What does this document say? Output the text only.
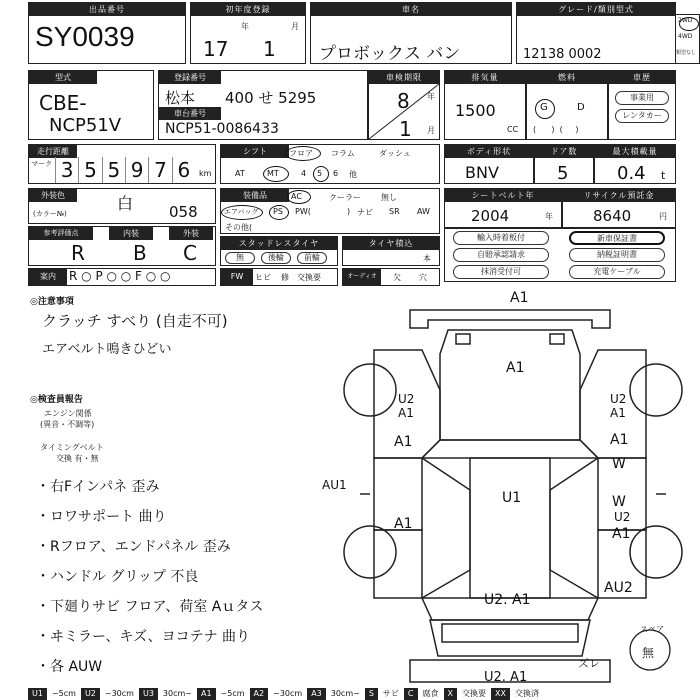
出品番号
SY0039
初年度登録
年	月
17 1
車名
プロボックス バン
グレード/類別型式
12138 0002
2WD
4WD
類型なし
型式
CBE-
NCP51V
登録番号
松本 400 せ 5295
車台番号
NCP51-0086433
車検期限
年
月
8
1
排気量
1500
CC
燃料
G	D
(      )  (     )
車歴
事業用
レンタカー
走行距離
マーク 3 5 5 9 7 6	km
シフト	フロア コラム	ダッシュ
AT	MT	4 5 6 他
ボディ形状
BNV
ドア数
5
最大積載量
0.4 t
外装色
(カラー№)
白 058
装備品	AC	クーラー	無し
エアバッグ PS PW(	) ナビ SR AW
その他(
シートベルト年
2004	年
リサイクル預託金
8640	円
参考評価点	内装	外装
R B C	スタッドレスタイヤ
無	後輪	前輪
タイヤ積込
本
輸入時着板付
自賠承認請求
抹消受付可
新車保証書
納税証明書
充電ケーブル
案内	R ○ P ○ ○ F ○ ○	FW	ヒビ 修 交換要	オーディオ	欠 穴
◎注意事項
クラッチ すべり (自走不可)
エアベルト鳴きひどい
◎検査員報告
エンジン関係
(異音・不調等)
タイミングベルト
交換 有・無
・右Fインパネ 歪み
・ロワサポート 曲り
・Rフロア、エンドパネル 歪み
・ハンドル グリップ 不良
・下廻りサビ フロア、荷室 Aｕタス
・ヰミラー、キズ、ヨコテナ 曲り
・各 AUW
A1
A1
U2
A1
A1
A1
AU1
U1
U2
A1
A1
W
W
U2
A1
AU2
U2. A1
U2. A1
ズレ
スペア
無
U1	~5cm	U2	~30cm	U3	30cm~	A1	~5cm	A2	~30cm	A3	30cm~	S	サビ	C	腐食	X	交換要	XX	交換済
